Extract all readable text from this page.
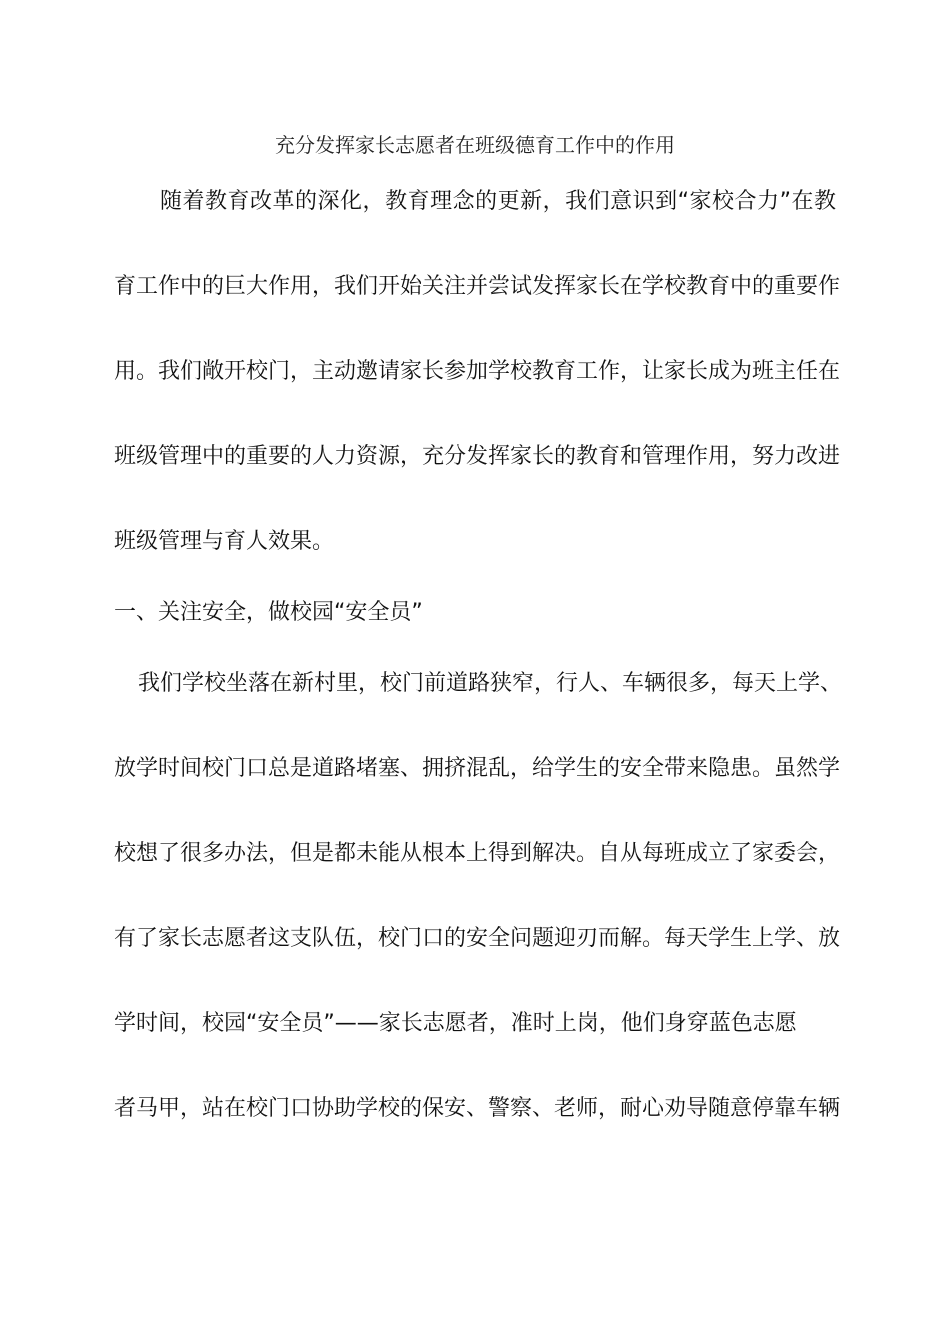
充分发挥家长志愿者在班级德育工作中的作用
随着教育改革的深化，教育理念的更新，我们意识到“家校合力”在教
育工作中的巨大作用，我们开始关注并尝试发挥家长在学校教育中的重要作
用。我们敞开校门，主动邀请家长参加学校教育工作，让家长成为班主任在
班级管理中的重要的人力资源，充分发挥家长的教育和管理作用，努力改进
班级管理与育人效果。
一、关注安全，做校园“安全员”
我们学校坐落在新村里，校门前道路狭窄，行人、车辆很多，每天上学、
放学时间校门口总是道路堵塞、拥挤混乱，给学生的安全带来隐患。虽然学
校想了很多办法，但是都未能从根本上得到解决。自从每班成立了家委会，
有了家长志愿者这支队伍，校门口的安全问题迎刃而解。每天学生上学、放
学时间，校园“安全员”——家长志愿者，准时上岗，他们身穿蓝色志愿
者马甲，站在校门口协助学校的保安、警察、老师，耐心劝导随意停靠车辆
